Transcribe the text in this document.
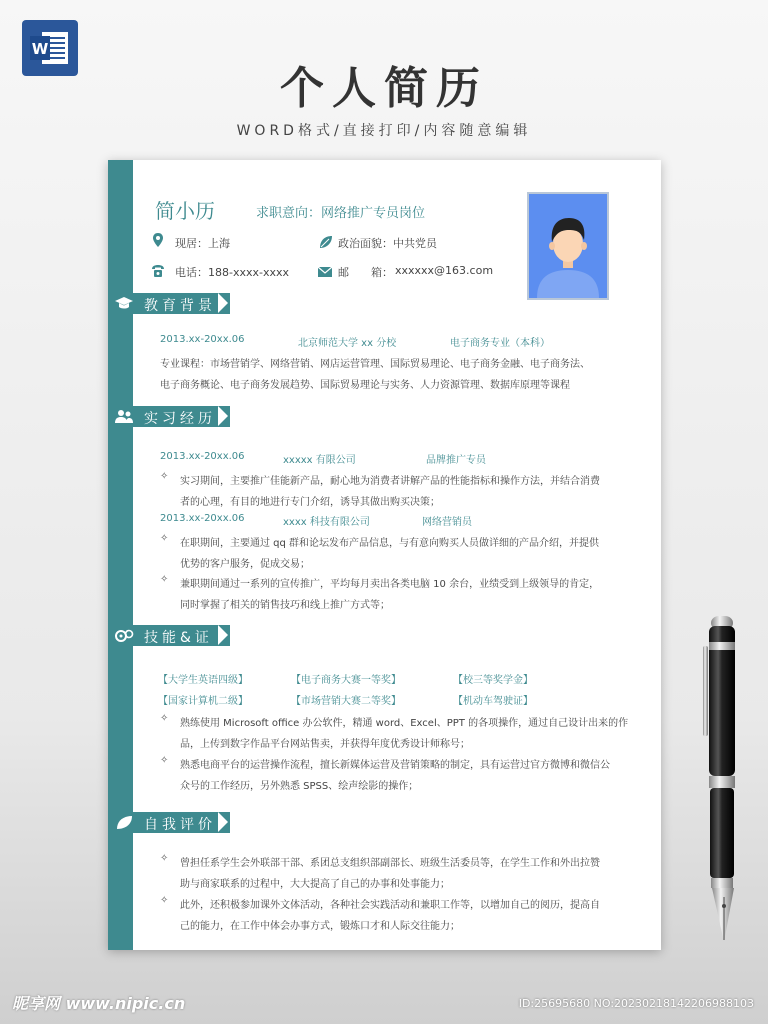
W
个人简历
WORD格式/直接打印/内容随意编辑
简小历	求职意向：网络推广专员岗位
现居：上海	政治面貌：中共党员
电话：188-xxxx-xxxx	邮　　箱： xxxxxx@163.com
教育背景
2013.xx-20xx.06	北京师范大学 xx 分校	电子商务专业（本科）
专业课程：市场营销学、网络营销、网店运营管理、国际贸易理论、电子商务金融、电子商务法、
电子商务概论、电子商务发展趋势、国际贸易理论与实务、人力资源管理、数据库原理等课程
实习经历
2013.xx-20xx.06	xxxxx 有限公司	品牌推广专员
✧ 实习期间，主要推广佳能新产品，耐心地为消费者讲解产品的性能指标和操作方法，并结合消费
者的心理，有目的地进行专门介绍，诱导其做出购买决策；
2013.xx-20xx.06	xxxx 科技有限公司	网络营销员
✧ 在职期间，主要通过 qq 群和论坛发布产品信息，与有意向购买人员做详细的产品介绍，并提供
优势的客户服务，促成交易；
✧ 兼职期间通过一系列的宣传推广，平均每月卖出各类电脑 10 余台，业绩受到上级领导的肯定，
同时掌握了相关的销售技巧和线上推广方式等；
技能&证书
【大学生英语四级】	【电子商务大赛一等奖】	【校三等奖学金】
【国家计算机二级】	【市场营销大赛二等奖】	【机动车驾驶证】
✧ 熟练使用 Microsoft office 办公软件，精通 word、Excel、PPT 的各项操作，通过自己设计出来的作
品，上传到数字作品平台网站售卖，并获得年度优秀设计师称号；
✧ 熟悉电商平台的运营操作流程，擅长新媒体运营及营销策略的制定，具有运营过官方微博和微信公
众号的工作经历，另外熟悉 SPSS、绘声绘影的操作；
自我评价
✧ 曾担任系学生会外联部干部、系团总支组织部副部长、班级生活委员等，在学生工作和外出拉赞
助与商家联系的过程中，大大提高了自己的办事和处事能力；
✧ 此外，还积极参加课外文体活动，各种社会实践活动和兼职工作等，以增加自己的阅历，提高自
己的能力，在工作中体会办事方式，锻炼口才和人际交往能力；
昵享网 www.nipic.cn	ID:25695680 NO:20230218142206988103
